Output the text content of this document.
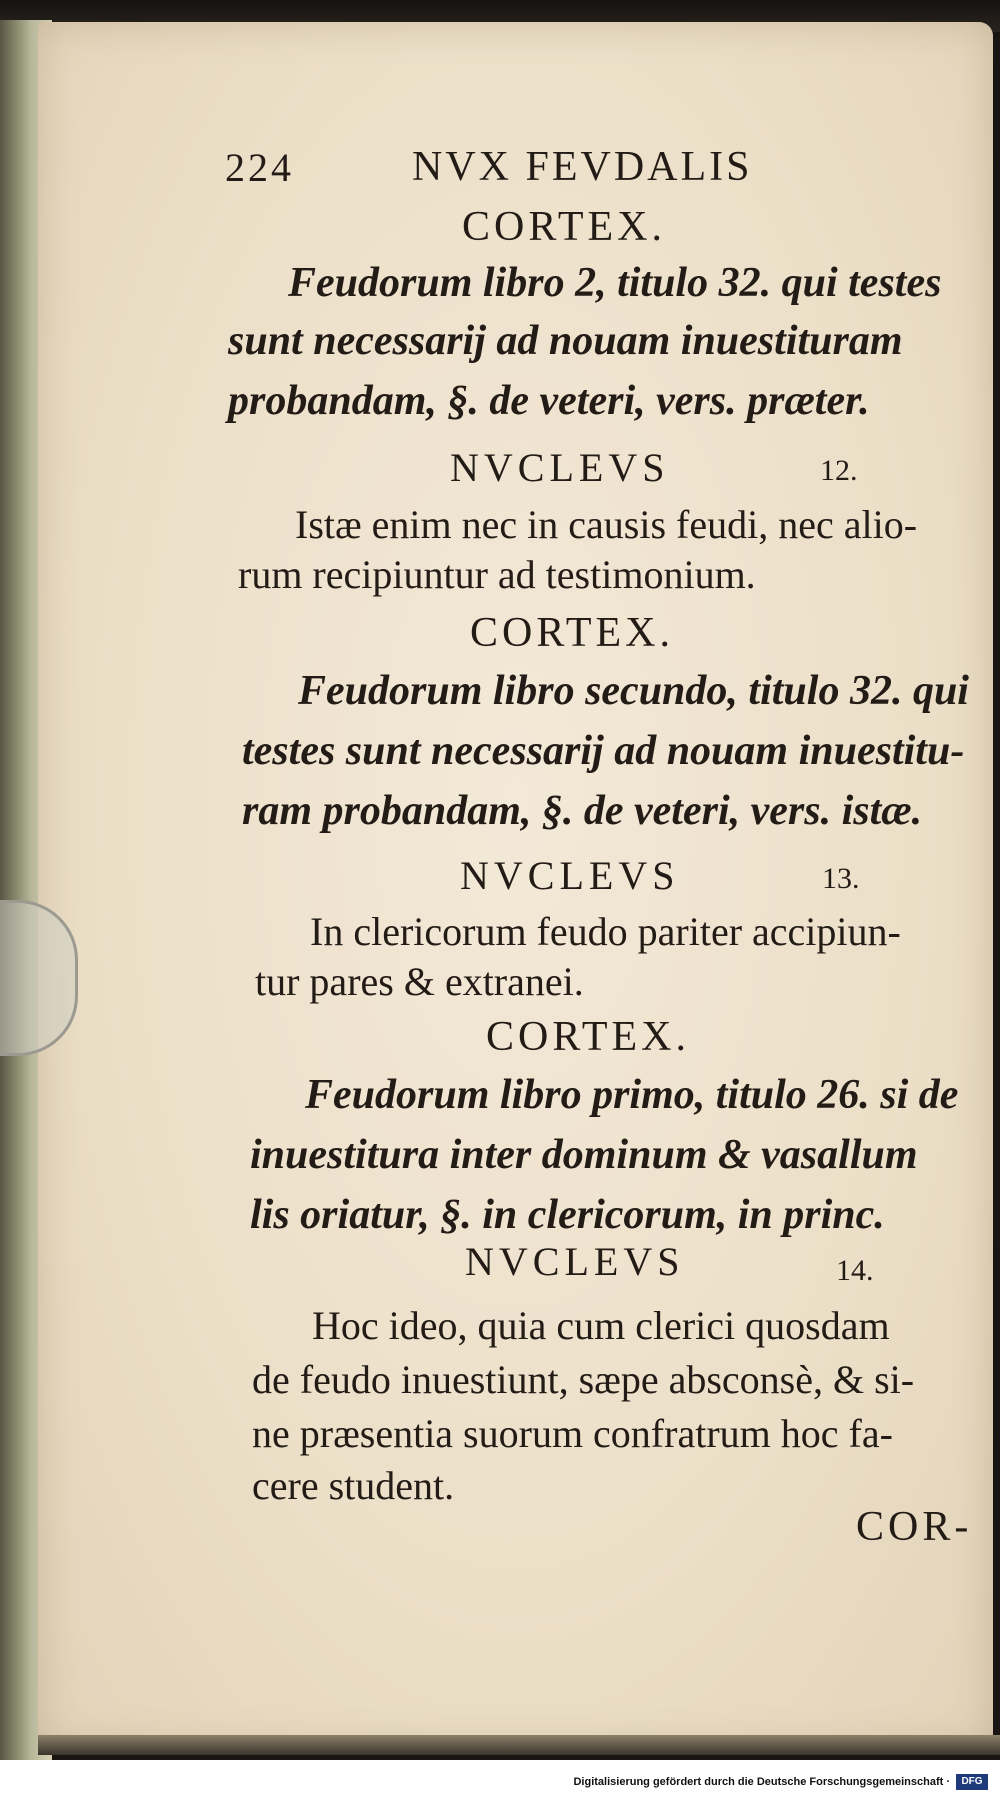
224	NVX FEVDALIS
CORTEX.
Feudorum libro 2, titulo 32. qui testes
sunt necessarij ad nouam inuestituram
probandam, §. de veteri, vers. præter.
NVCLEVS	12.
Istæ enim nec in causis feudi, nec alio-
rum recipiuntur ad testimonium.
CORTEX.
Feudorum libro secundo, titulo 32. qui
testes sunt necessarij ad nouam inuestitu-
ram probandam, §. de veteri, vers. istæ.
NVCLEVS	13.
In clericorum feudo pariter accipiun-
tur pares & extranei.
CORTEX.
Feudorum libro primo, titulo 26. si de
inuestitura inter dominum & vasallum
lis oriatur, §. in clericorum, in princ.
NVCLEVS	14.
Hoc ideo, quia cum clerici quosdam
de feudo inuestiunt, sæpe absconsè, & si-
ne præsentia suorum confratrum hoc fa-
cere student.
COR-
Digitalisierung gefördert durch die Deutsche Forschungsgemeinschaft ·	DFG
